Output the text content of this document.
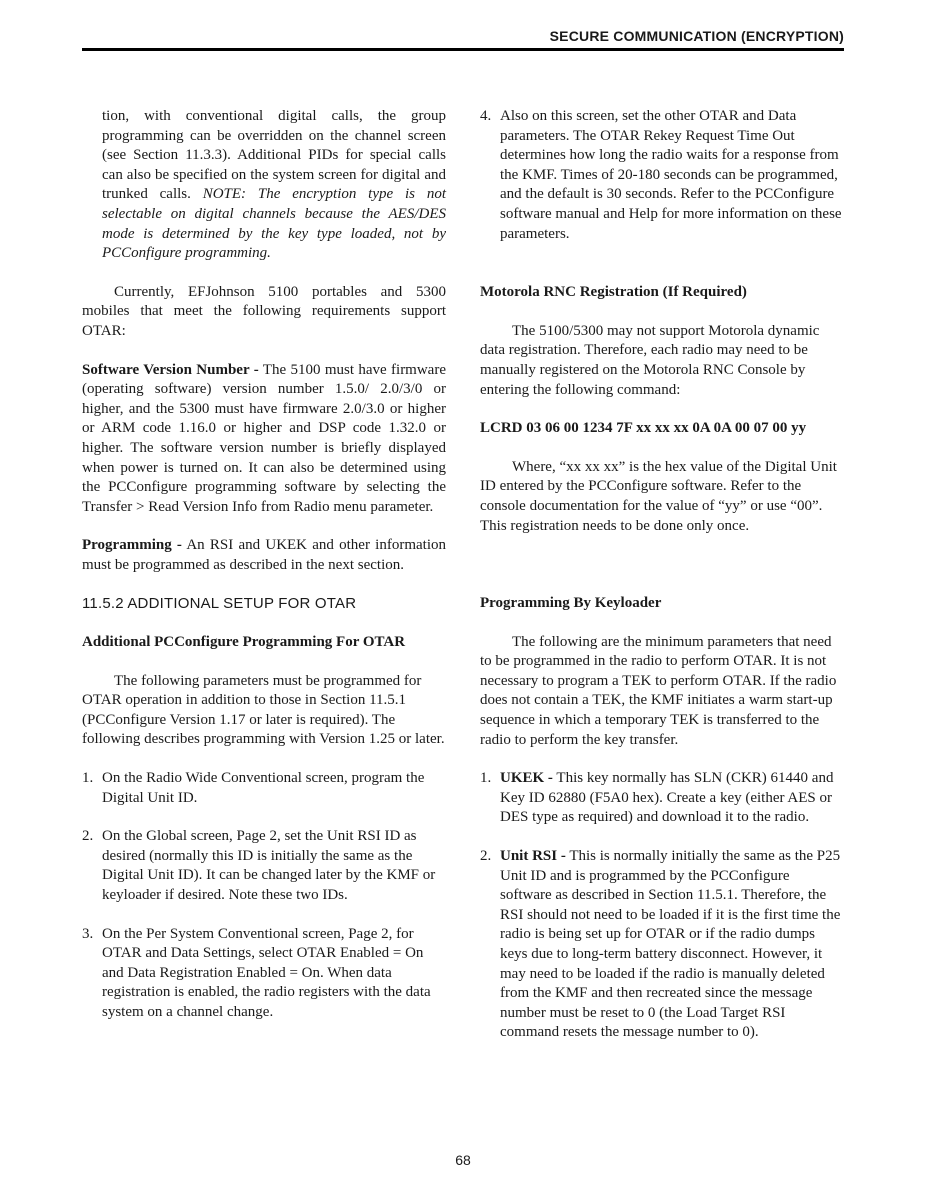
SECURE COMMUNICATION (ENCRYPTION)

tion, with conventional digital calls, the group programming can be overridden on the channel screen (see Section 11.3.3). Additional PIDs for special calls can also be specified on the system screen for digital and trunked calls. NOTE: The encryption type is not selectable on digital channels because the AES/DES mode is determined by the key type loaded, not by PCConfigure programming.

Currently, EFJohnson 5100 portables and 5300 mobiles that meet the following requirements support OTAR:

Software Version Number - The 5100 must have firmware (operating software) version number 1.5.0/ 2.0/3/0 or higher, and the 5300 must have firmware 2.0/3.0 or higher or ARM code 1.16.0 or higher and DSP code 1.32.0 or higher. The software version number is briefly displayed when power is turned on. It can also be determined using the PCConfigure programming software by selecting the Transfer > Read Version Info from Radio menu parameter.

Programming - An RSI and UKEK and other information must be programmed as described in the next section.

11.5.2 ADDITIONAL SETUP FOR OTAR

Additional PCConfigure Programming For OTAR

The following parameters must be programmed for OTAR operation in addition to those in Section 11.5.1 (PCConfigure Version 1.17 or later is required). The following describes programming with Version 1.25 or later.

1. On the Radio Wide Conventional screen, program the Digital Unit ID.
2. On the Global screen, Page 2, set the Unit RSI ID as desired (normally this ID is initially the same as the Digital Unit ID). It can be changed later by the KMF or keyloader if desired. Note these two IDs.
3. On the Per System Conventional screen, Page 2, for OTAR and Data Settings, select OTAR Enabled = On and Data Registration Enabled = On. When data registration is enabled, the radio registers with the data system on a channel change.
4. Also on this screen, set the other OTAR and Data parameters. The OTAR Rekey Request Time Out determines how long the radio waits for a response from the KMF. Times of 20-180 seconds can be programmed, and the default is 30 seconds. Refer to the PCConfigure software manual and Help for more information on these parameters.

Motorola RNC Registration (If Required)

The 5100/5300 may not support Motorola dynamic data registration. Therefore, each radio may need to be manually registered on the Motorola RNC Console by entering the following command:

LCRD 03 06 00 1234 7F xx xx xx 0A 0A 00 07 00 yy

Where, “xx xx xx” is the hex value of the Digital Unit ID entered by the PCConfigure software. Refer to the console documentation for the value of “yy” or use “00”. This registration needs to be done only once.

Programming By Keyloader

The following are the minimum parameters that need to be programmed in the radio to perform OTAR. It is not necessary to program a TEK to perform OTAR. If the radio does not contain a TEK, the KMF initiates a warm start-up sequence in which a temporary TEK is transferred to the radio to perform the key transfer.

1. UKEK - This key normally has SLN (CKR) 61440 and Key ID 62880 (F5A0 hex). Create a key (either AES or DES type as required) and download it to the radio.
2. Unit RSI - This is normally initially the same as the P25 Unit ID and is programmed by the PCConfigure software as described in Section 11.5.1. Therefore, the RSI should not need to be loaded if it is the first time the radio is being set up for OTAR or if the radio dumps keys due to long-term battery disconnect. However, it may need to be loaded if the radio is manually deleted from the KMF and then recreated since the message number must be reset to 0 (the Load Target RSI command resets the message number to 0).
68
